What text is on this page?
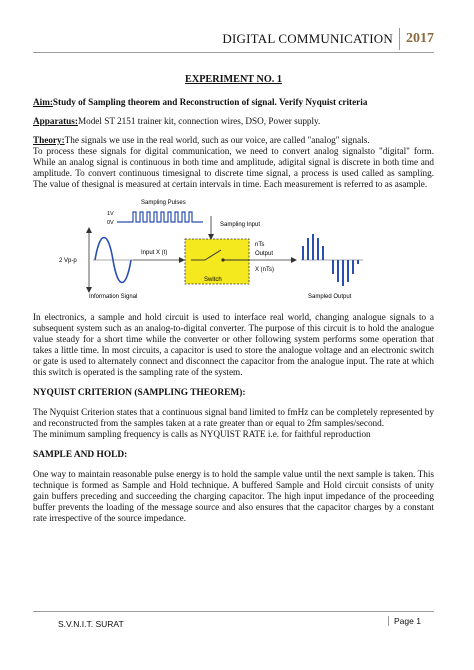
DIGITAL COMMUNICATION 2017
EXPERIMENT NO. 1

Aim:Study of Sampling theorem and Reconstruction of signal. Verify Nyquist criteria

Apparatus:Model ST 2151 trainer kit, connection wires, DSO, Power supply.

Theory:The signals we use in the real world, such as our voice, are called "analog" signals.
To process these signals for digital communication, we need to convert analog signalsto "digital" form. While an analog signal is continuous in both time and amplitude, adigital signal is discrete in both time and amplitude. To convert continuous timesignal to discrete time signal, a process is used called as sampling. The value of thesignal is measured at certain intervals in time. Each measurement is referred to as asample.

2 Vp-p
Information Signal
Input X (t)
Sampling Pulses
1V
0V	Sampling Input
Switch
nTs
Output
X (nTs)
Sampled Output

In electronics, a sample and hold circuit is used to interface real world, changing analogue signals to a subsequent system such as an analog-to-digital converter. The purpose of this circuit is to hold the analogue value steady for a short time while the converter or other following system performs some operation that takes a little time. In most circuits, a capacitor is used to store the analogue voltage and an electronic switch or gate is used to alternately connect and disconnect the capacitor from the analogue input. The rate at which this switch is operated is the sampling rate of the system.

NYQUIST CRITERION (SAMPLING THEOREM):

The Nyquist Criterion states that a continuous signal band limited to fmHz can be completely represented by and reconstructed from the samples taken at a rate greater than or equal to 2fm samples/second.

The minimum sampling frequency is calls as NYQUIST RATE i.e. for faithful reproduction

SAMPLE AND HOLD:

One way to maintain reasonable pulse energy is to hold the sample value until the next sample is taken. This technique is formed as Sample and Hold technique. A buffered Sample and Hold circuit consists of unity gain buffers preceding and succeeding the charging capacitor. The high input impedance of the proceeding buffer prevents the loading of the message source and also ensures that the capacitor charges by a constant rate irrespective of the source impedance.

S.V.N.I.T. SURAT	Page 1
